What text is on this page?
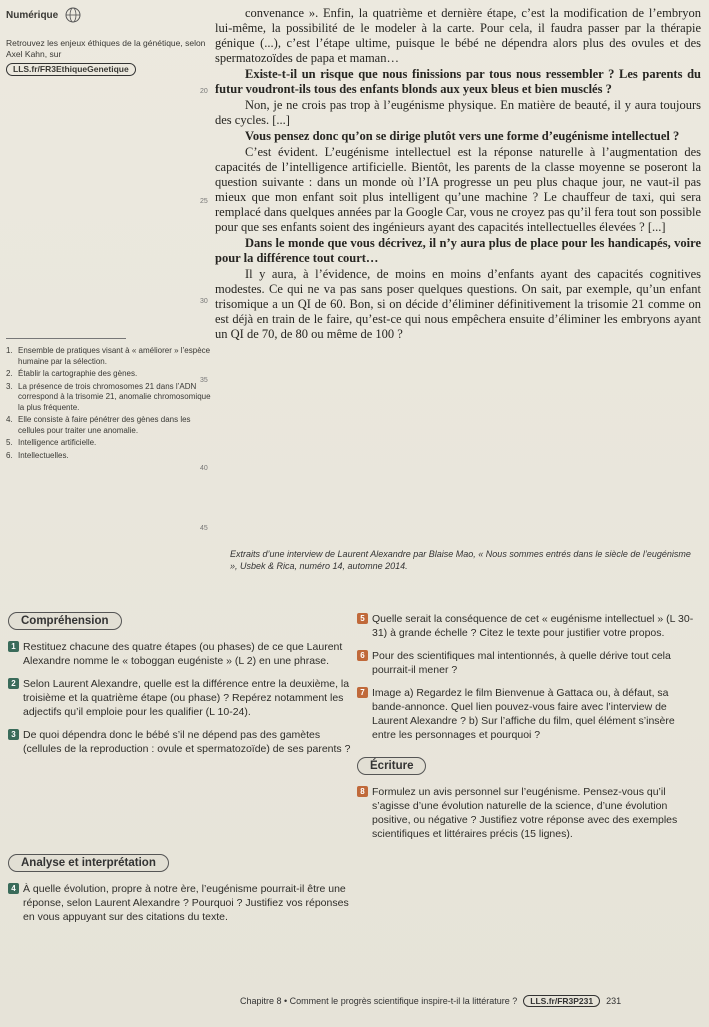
Numérique
Retrouvez les enjeux éthiques de la génétique, selon Axel Kahn, sur
LLS.fr/FR3EthiqueGenetique

convenance ». Enfin, la quatrième et dernière étape, c’est la modification de l’embryon lui-même, la possibilité de le modeler à la carte. Pour cela, il faudra passer par la thérapie génique (...), c’est l’étape ultime, puisque le bébé ne dépendra alors plus des ovules et des spermatozoïdes de papa et maman…

Existe-t-il un risque que nous finissions par tous nous ressembler ? Les parents du futur voudront-ils tous des enfants blonds aux yeux bleus et bien musclés ?

Non, je ne crois pas trop à l’eugénisme physique. En matière de beauté, il y aura toujours des cycles. [...]

Vous pensez donc qu’on se dirige plutôt vers une forme d’eugénisme intellectuel ?

C’est évident. L’eugénisme intellectuel est la réponse naturelle à l’augmentation des capacités de l’intelligence artificielle. Bientôt, les parents de la classe moyenne se poseront la question suivante : dans un monde où l’IA progresse un peu plus chaque jour, ne vaut-il pas mieux que mon enfant soit plus intelligent qu’une machine ? Le chauffeur de taxi, qui sera remplacé dans quelques années par la Google Car, vous ne croyez pas qu’il fera tout son possible pour que ses enfants soient des ingénieurs ayant des capacités intellectuelles élevées ? [...]

Dans le monde que vous décrivez, il n’y aura plus de place pour les handicapés, voire pour la différence tout court…

Il y aura, à l’évidence, de moins en moins d’enfants ayant des capacités cognitives modestes. Ce qui ne va pas sans poser quelques questions. On sait, par exemple, qu’un enfant trisomique a un QI de 60. Bon, si on décide d’éliminer définitivement la trisomie 21 comme on est déjà en train de le faire, qu’est-ce qui nous empêchera ensuite d’éliminer les embryons ayant un QI de 70, de 80 ou même de 100 ?

20
25
30
35
40
45
1. Ensemble de pratiques visant à « améliorer » l’espèce humaine par la sélection.
2. Établir la cartographie des gènes.
3. La présence de trois chromosomes 21 dans l’ADN correspond à la trisomie 21, anomalie chromosomique la plus fréquente.
4. Elle consiste à faire pénétrer des gènes dans les cellules pour traiter une anomalie.
5. Intelligence artificielle.
6. Intellectuelles.
Extraits d’une interview de Laurent Alexandre par Blaise Mao, « Nous sommes entrés dans le siècle de l’eugénisme », Usbek & Rica, numéro 14, automne 2014.
Compréhension
1 Restituez chacune des quatre étapes (ou phases) de ce que Laurent Alexandre nomme le « toboggan eugéniste » (L 2) en une phrase.
2 Selon Laurent Alexandre, quelle est la différence entre la deuxième, la troisième et la quatrième étape (ou phase) ? Repérez notamment les adjectifs qu’il emploie pour les qualifier (L 10-24).
3 De quoi dépendra donc le bébé s’il ne dépend pas des gamètes (cellules de la reproduction : ovule et spermatozoïde) de ses parents ?
Analyse et interprétation
4 À quelle évolution, propre à notre ère, l’eugénisme pourrait-il être une réponse, selon Laurent Alexandre ? Pourquoi ? Justifiez vos réponses en vous appuyant sur des citations du texte.
5 Quelle serait la conséquence de cet « eugénisme intellectuel » (L 30-31) à grande échelle ? Citez le texte pour justifier votre propos.
6 Pour des scientifiques mal intentionnés, à quelle dérive tout cela pourrait-il mener ?
7 Image a) Regardez le film Bienvenue à Gattaca ou, à défaut, sa bande-annonce. Quel lien pouvez-vous faire avec l’interview de Laurent Alexandre ? b) Sur l’affiche du film, quel élément s’insère entre les personnages et pourquoi ?
Écriture
8 Formulez un avis personnel sur l’eugénisme. Pensez-vous qu’il s’agisse d’une évolution naturelle de la science, d’une évolution positive, ou négative ? Justifiez votre réponse avec des exemples scientifiques et littéraires précis (15 lignes).
Chapitre 8 • Comment le progrès scientifique inspire-t-il la littérature ?	LLS.fr/FR3P231	231
